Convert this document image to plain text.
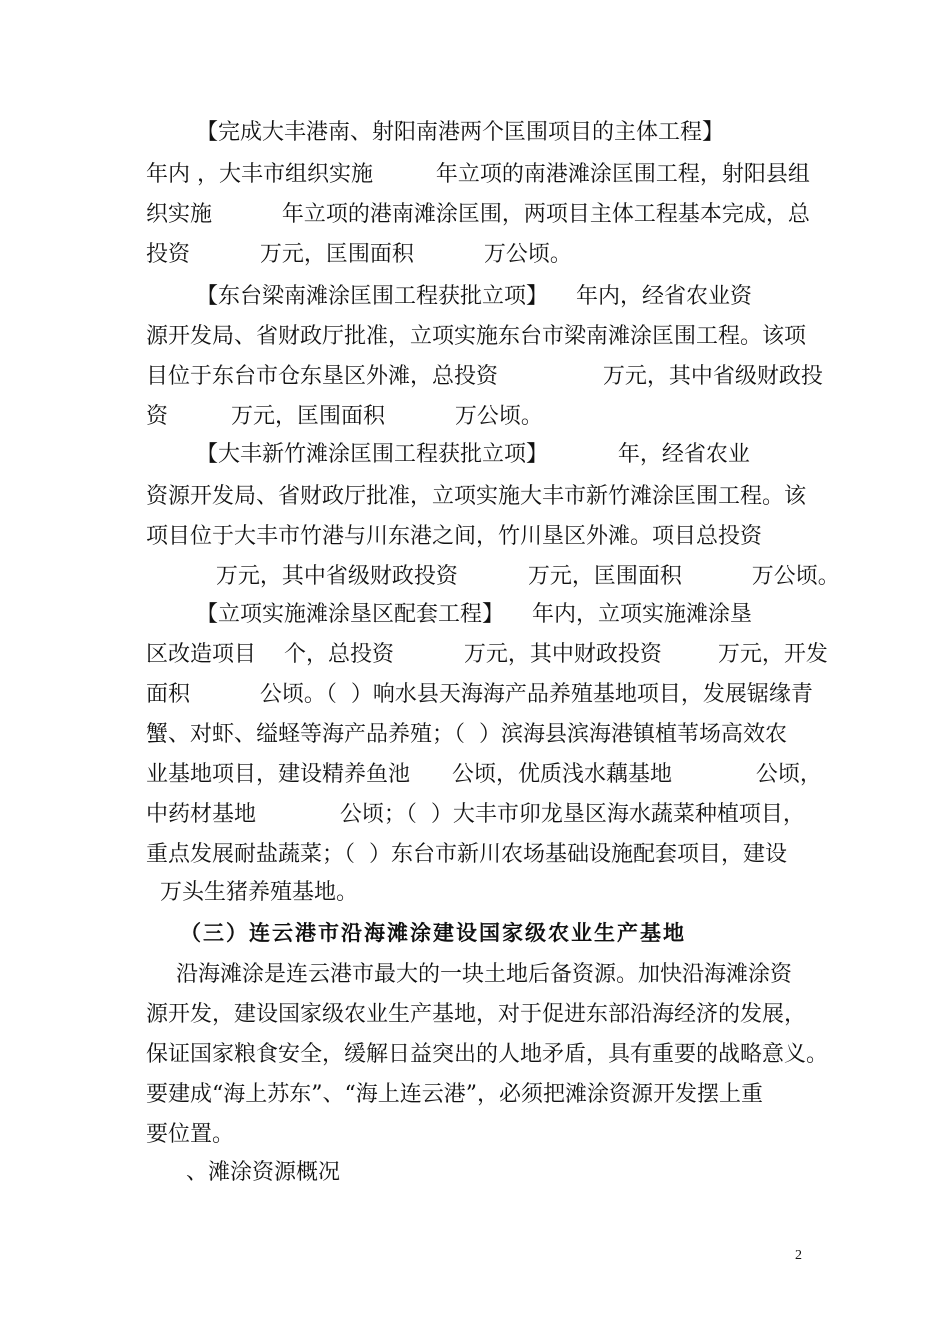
【完成大丰港南、射阳南港两个匡围项目的主体工程】
年内 ，大丰市组织实施         年立项的南港滩涂匡围工程，射阳县组
织实施          年立项的港南滩涂匡围，两项目主体工程基本完成，总
投资          万元，匡围面积          万公顷。
【东台梁南滩涂匡围工程获批立项】    年内，经省农业资
源开发局、省财政厅批准，立项实施东台市梁南滩涂匡围工程。该项
目位于东台市仓东垦区外滩，总投资               万元，其中省级财政投
资         万元，匡围面积          万公顷。
【大丰新竹滩涂匡围工程获批立项】          年，经省农业
资源开发局、省财政厅批准，立项实施大丰市新竹滩涂匡围工程。该
项目位于大丰市竹港与川东港之间，竹川垦区外滩。项目总投资
万元，其中省级财政投资          万元，匡围面积          万公顷。
【立项实施滩涂垦区配套工程】    年内，立项实施滩涂垦
区改造项目    个，总投资          万元，其中财政投资        万元，开发
面积          公顷。（  ）响水县天海海产品养殖基地项目，发展锯缘青
蟹、对虾、缢蛏等海产品养殖；（  ）滨海县滨海港镇植苇场高效农
业基地项目，建设精养鱼池      公顷，优质浅水藕基地            公顷，
中药材基地            公顷；（  ）大丰市卯龙垦区海水蔬菜种植项目，
重点发展耐盐蔬菜；（  ）东台市新川农场基础设施配套项目，建设
万头生猪养殖基地。
（三）连云港市沿海滩涂建设国家级农业生产基地
沿海滩涂是连云港市最大的一块土地后备资源。加快沿海滩涂资
源开发，建设国家级农业生产基地，对于促进东部沿海经济的发展，
保证国家粮食安全，缓解日益突出的人地矛盾，具有重要的战略意义。
要建成“海上苏东”、“海上连云港”，必须把滩涂资源开发摆上重
要位置。
、滩涂资源概况
2
